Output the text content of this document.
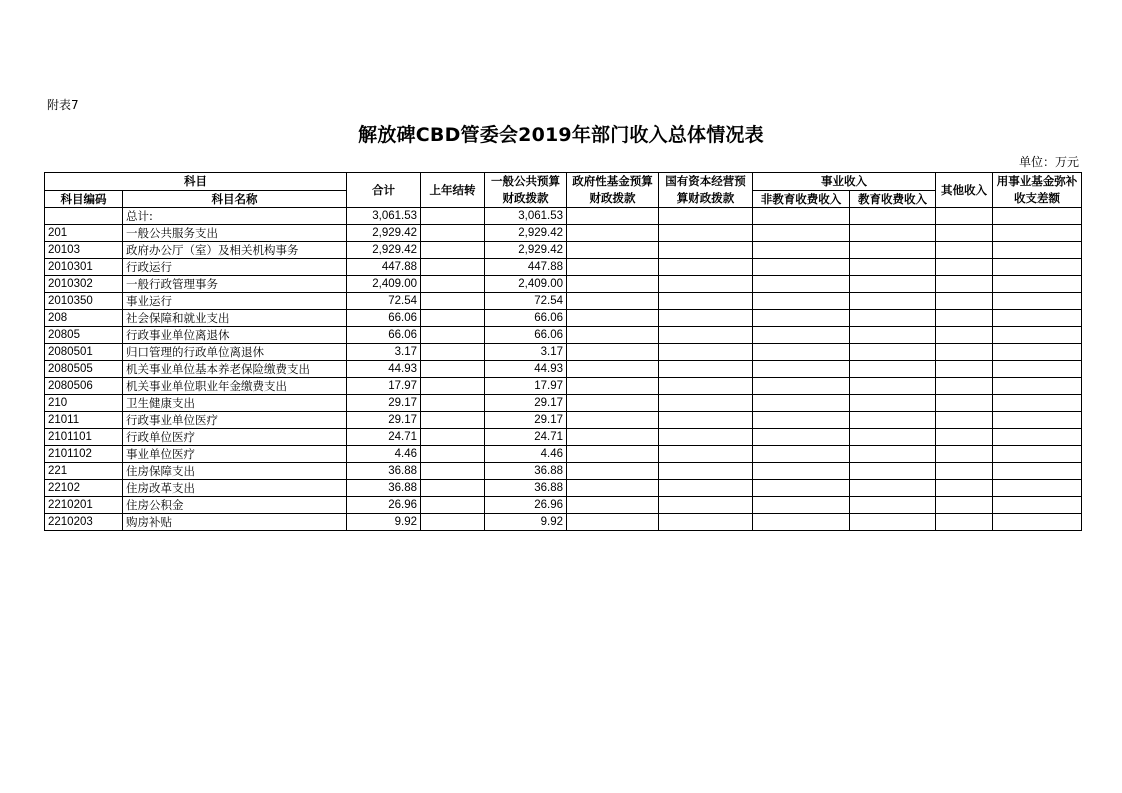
附表7
解放碑CBD管委会2019年部门收入总体情况表
单位：万元
科目		合计	上年结转	一般公共预算财政拨款	政府性基金预算财政拨款	国有资本经营预算财政拨款	事业收入		其他收入	用事业基金弥补收支差额
科目编码	科目名称						非教育收费收入	教育收费收入		
	总计:	3,061.53		3,061.53						
201	一般公共服务支出	2,929.42		2,929.42						
20103	政府办公厅（室）及相关机构事务	2,929.42		2,929.42						
2010301	行政运行	447.88		447.88						
2010302	一般行政管理事务	2,409.00		2,409.00						
2010350	事业运行	72.54		72.54						
208	社会保障和就业支出	66.06		66.06						
20805	行政事业单位离退休	66.06		66.06						
2080501	归口管理的行政单位离退休	3.17		3.17						
2080505	机关事业单位基本养老保险缴费支出	44.93		44.93						
2080506	机关事业单位职业年金缴费支出	17.97		17.97						
210	卫生健康支出	29.17		29.17						
21011	行政事业单位医疗	29.17		29.17						
2101101	行政单位医疗	24.71		24.71						
2101102	事业单位医疗	4.46		4.46						
221	住房保障支出	36.88		36.88						
22102	住房改革支出	36.88		36.88						
2210201	住房公积金	26.96		26.96						
2210203	购房补贴	9.92		9.92						
